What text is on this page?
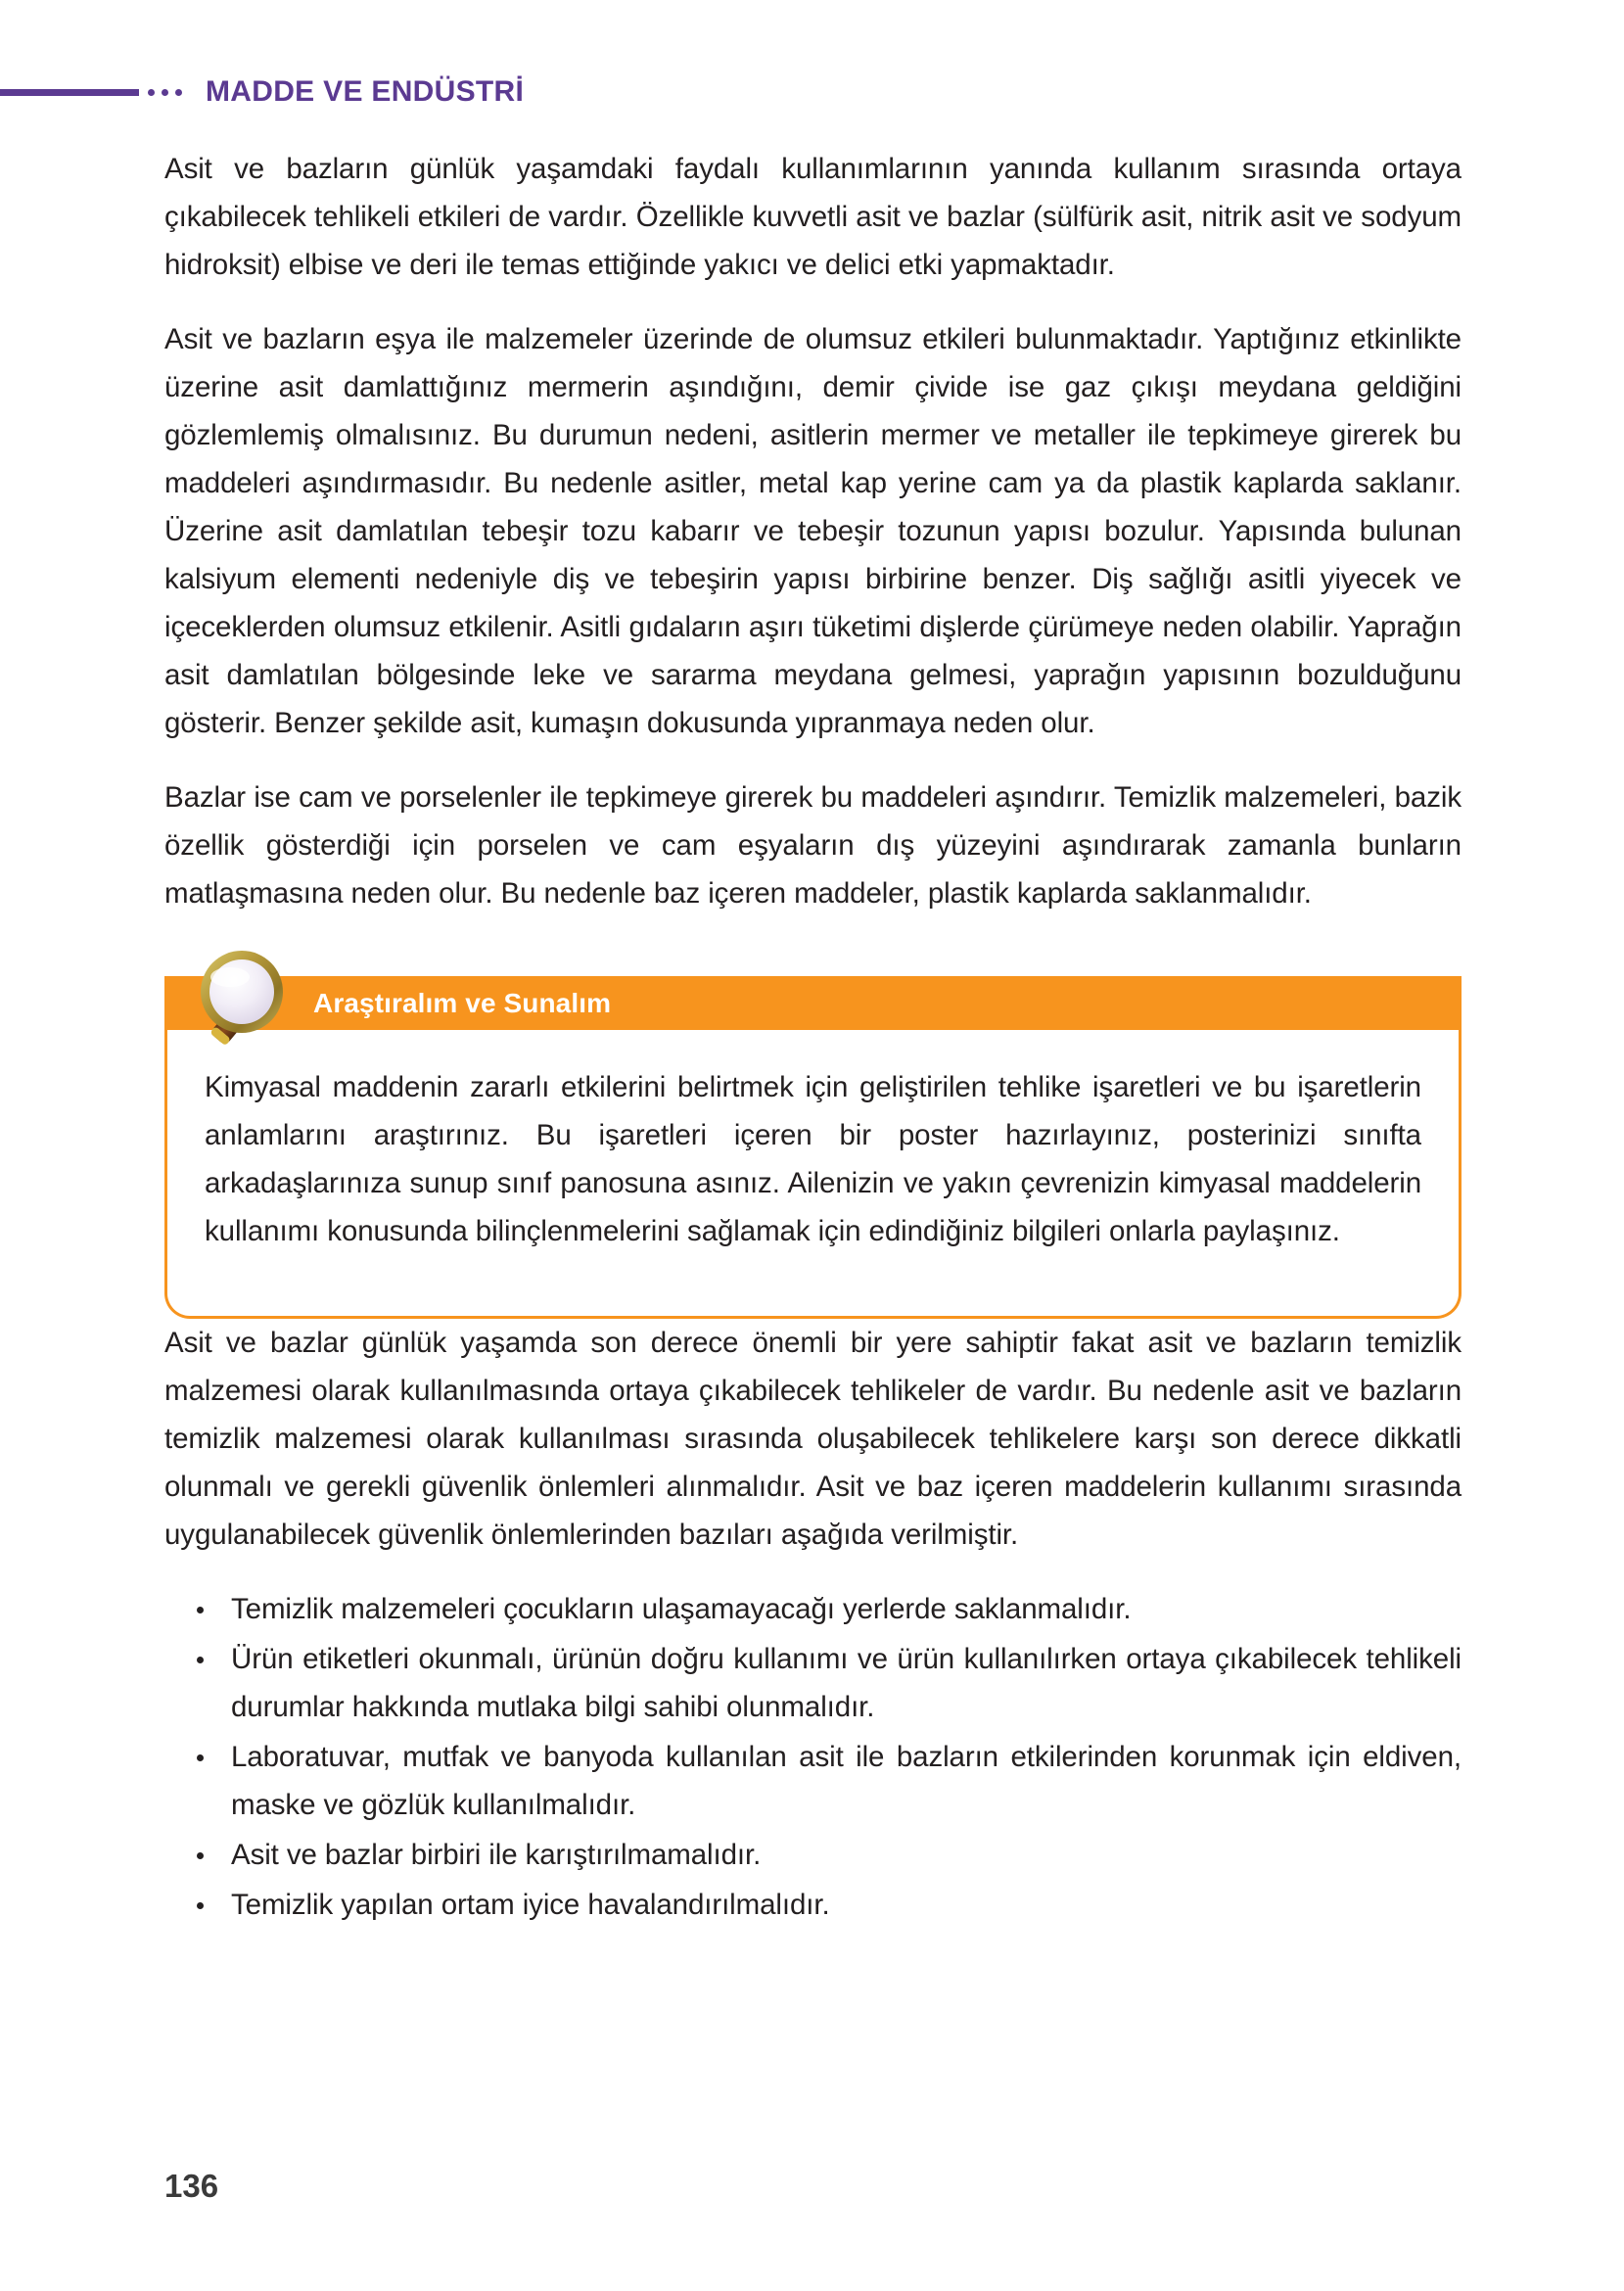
MADDE VE ENDÜSTRİ

Asit ve bazların günlük yaşamdaki faydalı kullanımlarının yanında kullanım sırasında ortaya çıkabilecek tehlikeli etkileri de vardır. Özellikle kuvvetli asit ve bazlar (sülfürik asit, nitrik asit ve sodyum hidroksit) elbise ve deri ile temas ettiğinde yakıcı ve delici etki yapmaktadır.

Asit ve bazların eşya ile malzemeler üzerinde de olumsuz etkileri bulunmaktadır. Yaptığınız etkinlikte üzerine asit damlattığınız mermerin aşındığını, demir çivide ise gaz çıkışı meydana geldiğini gözlemlemiş olmalısınız. Bu durumun nedeni, asitlerin mermer ve metaller ile tepkimeye girerek bu maddeleri aşındırmasıdır. Bu nedenle asitler, metal kap yerine cam ya da plastik kaplarda saklanır. Üzerine asit damlatılan tebeşir tozu kabarır ve tebeşir tozunun yapısı bozulur. Yapısında bulunan kalsiyum elementi nedeniyle diş ve tebeşirin yapısı birbirine benzer. Diş sağlığı asitli yiyecek ve içeceklerden olumsuz etkilenir. Asitli gıdaların aşırı tüketimi dişlerde çürümeye neden olabilir. Yaprağın asit damlatılan bölgesinde leke ve sararma meydana gelmesi, yaprağın yapısının bozulduğunu gösterir. Benzer şekilde asit, kumaşın dokusunda yıpranmaya neden olur.

Bazlar ise cam ve porselenler ile tepkimeye girerek bu maddeleri aşındırır. Temizlik malzemeleri, bazik özellik gösterdiği için porselen ve cam eşyaların dış yüzeyini aşındırarak zamanla bunların matlaşmasına neden olur. Bu nedenle baz içeren maddeler, plastik kaplarda saklanmalıdır.

Araştıralım ve Sunalım

Kimyasal maddenin zararlı etkilerini belirtmek için geliştirilen tehlike işaretleri ve bu işaretlerin anlamlarını araştırınız. Bu işaretleri içeren bir poster hazırlayınız, posterinizi sınıfta arkadaşlarınıza sunup sınıf panosuna asınız. Ailenizin ve yakın çevrenizin kimyasal maddelerin kullanımı konusunda bilinçlenmelerini sağlamak için edindiğiniz bilgileri onlarla paylaşınız.

Asit ve bazlar günlük yaşamda son derece önemli bir yere sahiptir fakat asit ve bazların temizlik malzemesi olarak kullanılmasında ortaya çıkabilecek tehlikeler de vardır. Bu nedenle asit ve bazların temizlik malzemesi olarak kullanılması sırasında oluşabilecek tehlikelere karşı son derece dikkatli olunmalı ve gerekli güvenlik önlemleri alınmalıdır. Asit ve baz içeren maddelerin kullanımı sırasında uygulanabilecek güvenlik önlemlerinden bazıları aşağıda verilmiştir.

Temizlik malzemeleri çocukların ulaşamayacağı yerlerde saklanmalıdır.
Ürün etiketleri okunmalı, ürünün doğru kullanımı ve ürün kullanılırken ortaya çıkabilecek tehlikeli durumlar hakkında mutlaka bilgi sahibi olunmalıdır.
Laboratuvar, mutfak ve banyoda kullanılan asit ile bazların etkilerinden korunmak için eldiven, maske ve gözlük kullanılmalıdır.
Asit ve bazlar birbiri ile karıştırılmamalıdır.
Temizlik yapılan ortam iyice havalandırılmalıdır.
136
